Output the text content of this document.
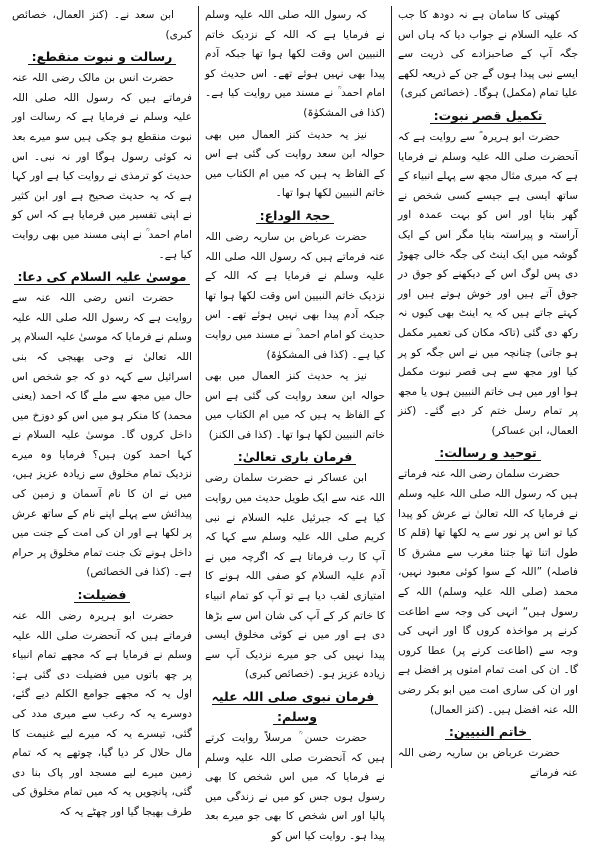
کھیتی کا سامان ہے نہ دودھ کا جب کہ علیہ السلام نے جواب دیا کہ ہاں اس جگہ آپ کے صاحبزادے کی ذریت سے ایسے نبی پیدا ہوں گے جن کے ذریعہ لکھے علیا تمام (مکمل) ہوگا۔ (خصائص کبری)

تکمیل قصر نبوت:

حضرت ابو ہریرہ ؓ سے روایت ہے کہ آنحضرت صلی اللہ علیہ وسلم نے فرمایا ہے کہ میری مثال مجھ سے پہلے انبیاء کے ساتھ ایسی ہے جیسے کسی شخص نے گھر بنایا اور اس کو بہت عمدہ اور آراستہ و پیراستہ بنایا مگر اس کے ایک گوشہ میں ایک اینٹ کی جگہ خالی چھوڑ دی پس لوگ اس کے دیکھنے کو جوق در جوق آتے ہیں اور خوش ہوتے ہیں اور کہتے جاتے ہیں کہ یہ اینٹ بھی کیوں نہ رکھ دی گئی (تاکہ مکان کی تعمیر مکمل ہو جاتی) چنانچہ میں نے اس جگہ کو پر کیا اور مجھ سے ہی قصر نبوت مکمل ہوا اور میں ہی خاتم النبیین ہوں یا مجھ پر تمام رسل ختم کر دیے گئے۔ (کنز العمال، ابن عساکر)

توحید و رسالت:

حضرت سلمان رضی اللہ عنہ فرماتے ہیں کہ رسول اللہ صلی اللہ علیہ وسلم نے فرمایا کہ اللہ تعالیٰ نے عرش کو پیدا کیا تو اس پر نور سے یہ لکھا تھا (قلم کا طول اتنا تھا جتنا مغرب سے مشرق کا فاصلہ) ”اللہ کے سوا کوئی معبود نہیں، محمد (صلی اللہ علیہ وسلم) اللہ کے رسول ہیں“ انہی کی وجہ سے اطاعت کرنے پر مواخذہ کروں گا اور انہی کی وجہ سے (اطاعت کرنے پر) عطا کروں گا۔ ان کی امت تمام امتوں پر افضل ہے اور ان کی ساری امت میں ابو بکر رضی اللہ عنہ افضل ہیں۔ (کنز العمال)

خاتم النبیین:

حضرت عرباض بن ساریہ رضی اللہ عنہ فرماتے

کہ رسول اللہ صلی اللہ علیہ وسلم نے فرمایا ہے کہ اللہ کے نزدیک خاتم النبیین اس وقت لکھا ہوا تھا جبکہ آدم پیدا بھی نہیں ہوئے تھے۔ اس حدیث کو امام احمد ؒ نے مسند میں روایت کیا ہے۔ (کذا فی المشکوٰۃ)

نیز یہ حدیث کنز العمال میں بھی حوالہ ابن سعد روایت کی گئی ہے اس کے الفاظ یہ ہیں کہ میں ام الکتاب میں خاتم النبیین لکھا ہوا تھا۔

حجۃ الوداع:

حضرت عرباض بن ساریہ رضی اللہ عنہ فرماتے ہیں کہ رسول اللہ صلی اللہ علیہ وسلم نے فرمایا ہے کہ اللہ کے نزدیک خاتم النبیین اس وقت لکھا ہوا تھا جبکہ آدم پیدا بھی نہیں ہوئے تھے۔ اس حدیث کو امام احمد ؒ نے مسند میں روایت کیا ہے۔ (کذا فی المشکوٰۃ)

نیز یہ حدیث کنز العمال میں بھی حوالہ ابن سعد روایت کی گئی ہے اس کے الفاظ یہ ہیں کہ میں ام الکتاب میں خاتم النبیین لکھا ہوا تھا۔ (کذا فی الکنز)

فرمان باری تعالیٰ:

ابن عساکر نے حضرت سلمان رضی اللہ عنہ سے ایک طویل حدیث میں روایت کیا ہے کہ جبرئیل علیہ السلام نے نبی کریم صلی اللہ علیہ وسلم سے کہا کہ آپ کا رب فرماتا ہے کہ اگرچہ میں نے آدم علیہ السلام کو صفی اللہ ہونے کا امتیازی لقب دیا ہے تو آپ کو تمام انبیاء کا خاتم کر کے آپ کی شان اس سے بڑھا دی ہے اور میں نے کوئی مخلوق ایسی پیدا نہیں کی جو میرے نزدیک آپ سے زیادہ عزیز ہو۔ (خصائص کبری)

فرمان نبوی صلی اللہ علیہ وسلم:

حضرت حسن ؒ مرسلاً روایت کرتے ہیں کہ آنحضرت صلی اللہ علیہ وسلم نے فرمایا کہ میں اس شخص کا بھی رسول ہوں جس کو میں نے زندگی میں پالیا اور اس شخص کا بھی جو میرے بعد پیدا ہو۔ روایت کیا اس کو

ابن سعد نے۔ (کنز العمال، خصائص کبری)

رسالت و نبوت منقطع:

حضرت انس بن مالک رضی اللہ عنہ فرماتے ہیں کہ رسول اللہ صلی اللہ علیہ وسلم نے فرمایا ہے کہ رسالت اور نبوت منقطع ہو چکی ہیں سو میرے بعد نہ کوئی رسول ہوگا اور نہ نبی۔ اس حدیث کو ترمذی نے روایت کیا ہے اور کہا ہے کہ یہ حدیث صحیح ہے اور ابن کثیر نے اپنی تفسیر میں فرمایا ہے کہ اس کو امام احمد ؒ نے اپنی مسند میں بھی روایت کیا ہے۔

موسیٰ علیہ السلام کی دعا:

حضرت انس رضی اللہ عنہ سے روایت ہے کہ رسول اللہ صلی اللہ علیہ وسلم نے فرمایا کہ موسیٰ علیہ السلام پر اللہ تعالیٰ نے وحی بھیجی کہ بنی اسرائیل سے کہہ دو کہ جو شخص اس حال میں مجھ سے ملے گا کہ احمد (یعنی محمد) کا منکر ہو میں اس کو دوزخ میں داخل کروں گا۔ موسیٰ علیہ السلام نے کہا احمد کون ہیں؟ فرمایا وہ میرے نزدیک تمام مخلوق سے زیادہ عزیز ہیں، میں نے ان کا نام آسمان و زمین کی پیدائش سے پہلے اپنے نام کے ساتھ عرش پر لکھا ہے اور ان کی امت کے جنت میں داخل ہونے تک جنت تمام مخلوق پر حرام ہے۔ (کذا فی الخصائص)

فضیلت:

حضرت ابو ہریرہ رضی اللہ عنہ فرماتے ہیں کہ آنحضرت صلی اللہ علیہ وسلم نے فرمایا ہے کہ مجھے تمام انبیاء پر چھ باتوں میں فضیلت دی گئی ہے: اول یہ کہ مجھے جوامع الکلم دیے گئے، دوسرے یہ کہ رعب سے میری مدد کی گئی، تیسرے یہ کہ میرے لیے غنیمت کا مال حلال کر دیا گیا، چوتھے یہ کہ تمام زمین میرے لیے مسجد اور پاک بنا دی گئی، پانچویں یہ کہ میں تمام مخلوق کی طرف بھیجا گیا اور چھٹے یہ کہ
